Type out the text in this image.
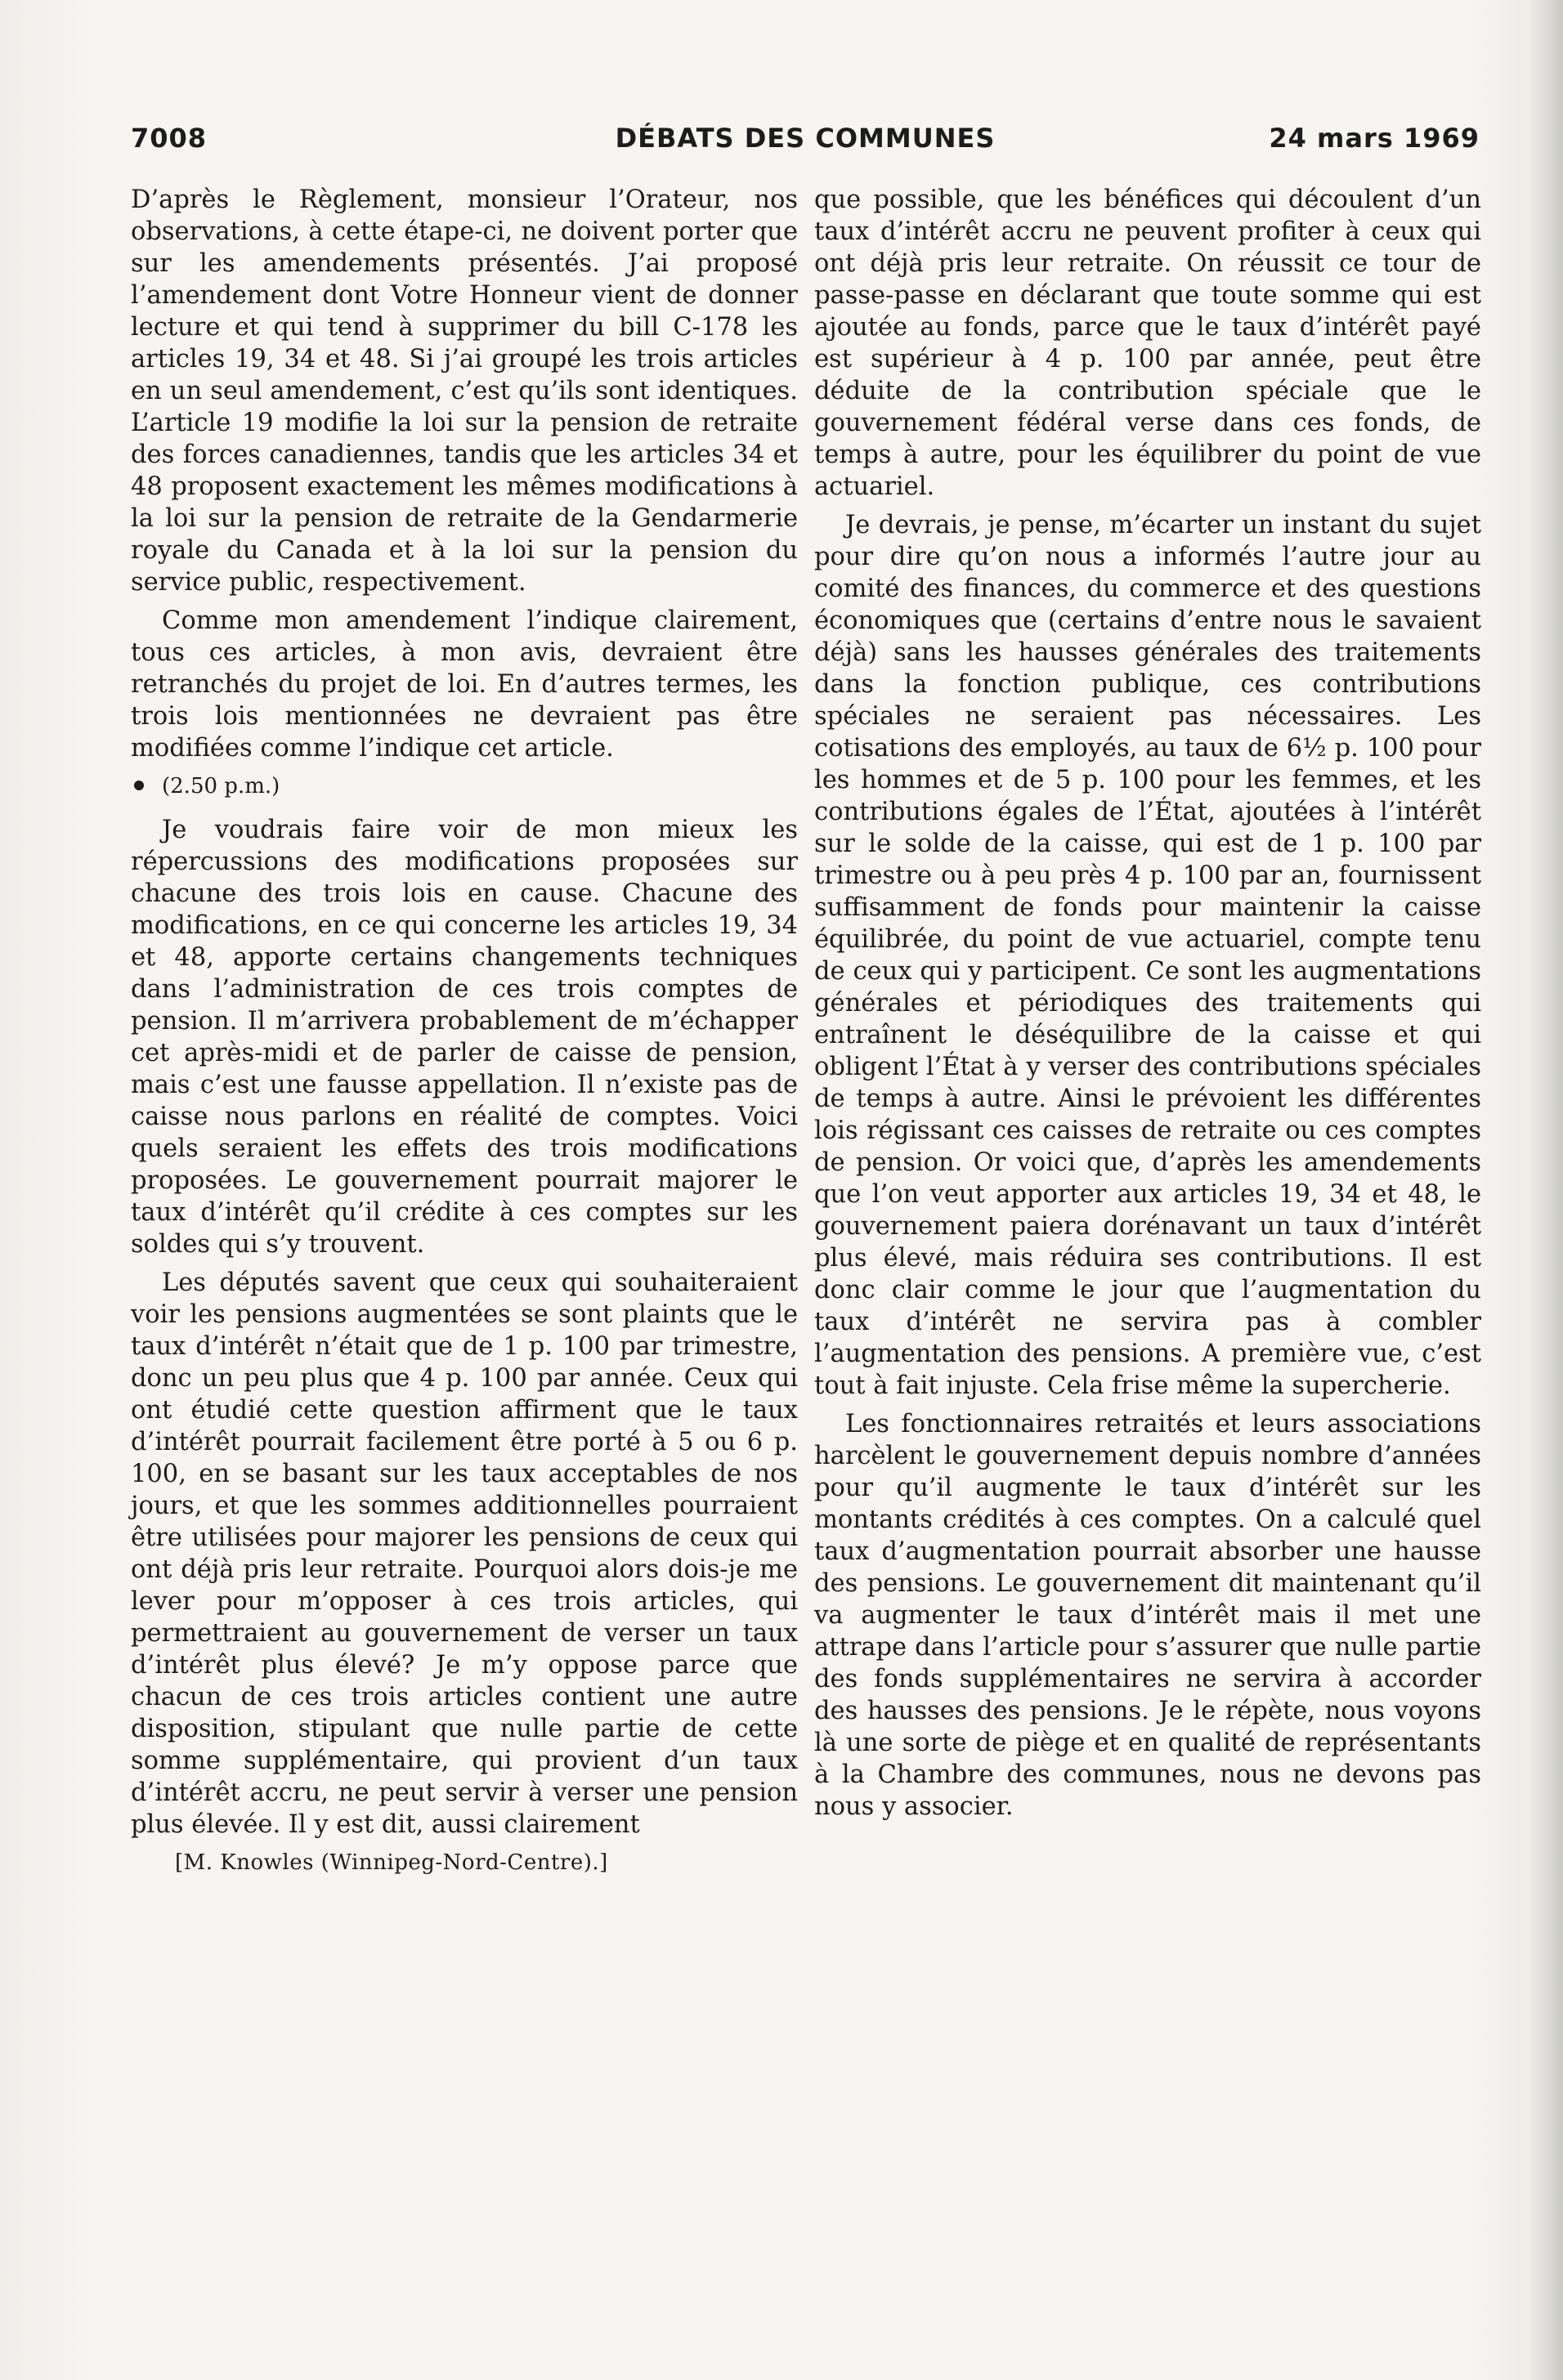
7008	DÉBATS DES COMMUNES	24 mars 1969

D’après le Règlement, monsieur l’Orateur, nos observations, à cette étape-ci, ne doivent porter que sur les amendements présentés. J’ai proposé l’amendement dont Votre Honneur vient de donner lecture et qui tend à supprimer du bill C-178 les articles 19, 34 et 48. Si j’ai groupé les trois articles en un seul amendement, c’est qu’ils sont identiques. L’article 19 modifie la loi sur la pension de retraite des forces canadiennes, tandis que les articles 34 et 48 proposent exactement les mêmes modifications à la loi sur la pension de retraite de la Gendarmerie royale du Canada et à la loi sur la pension du service public, respectivement.

Comme mon amendement l’indique clairement, tous ces articles, à mon avis, devraient être retranchés du projet de loi. En d’autres termes, les trois lois mentionnées ne devraient pas être modifiées comme l’indique cet article.

(2.50 p.m.)

Je voudrais faire voir de mon mieux les répercussions des modifications proposées sur chacune des trois lois en cause. Chacune des modifications, en ce qui concerne les articles 19, 34 et 48, apporte certains changements techniques dans l’administration de ces trois comptes de pension. Il m’arrivera probablement de m’échapper cet après-midi et de parler de caisse de pension, mais c’est une fausse appellation. Il n’existe pas de caisse nous parlons en réalité de comptes. Voici quels seraient les effets des trois modifications proposées. Le gouvernement pourrait majorer le taux d’intérêt qu’il crédite à ces comptes sur les soldes qui s’y trouvent.

Les députés savent que ceux qui souhaiteraient voir les pensions augmentées se sont plaints que le taux d’intérêt n’était que de 1 p. 100 par trimestre, donc un peu plus que 4 p. 100 par année. Ceux qui ont étudié cette question affirment que le taux d’intérêt pourrait facilement être porté à 5 ou 6 p. 100, en se basant sur les taux acceptables de nos jours, et que les sommes additionnelles pourraient être utilisées pour majorer les pensions de ceux qui ont déjà pris leur retraite. Pourquoi alors dois-je me lever pour m’opposer à ces trois articles, qui permettraient au gouvernement de verser un taux d’intérêt plus élevé? Je m’y oppose parce que chacun de ces trois articles contient une autre disposition, stipulant que nulle partie de cette somme supplémentaire, qui provient d’un taux d’intérêt accru, ne peut servir à verser une pension plus élevée. Il y est dit, aussi clairement

[M. Knowles (Winnipeg-Nord-Centre).]

que possible, que les bénéfices qui découlent d’un taux d’intérêt accru ne peuvent profiter à ceux qui ont déjà pris leur retraite. On réussit ce tour de passe-passe en déclarant que toute somme qui est ajoutée au fonds, parce que le taux d’intérêt payé est supérieur à 4 p. 100 par année, peut être déduite de la contribution spéciale que le gouvernement fédéral verse dans ces fonds, de temps à autre, pour les équilibrer du point de vue actuariel.

Je devrais, je pense, m’écarter un instant du sujet pour dire qu’on nous a informés l’autre jour au comité des finances, du commerce et des questions économiques que (certains d’entre nous le savaient déjà) sans les hausses générales des traitements dans la fonction publique, ces contributions spéciales ne seraient pas nécessaires. Les cotisations des employés, au taux de 6½ p. 100 pour les hommes et de 5 p. 100 pour les femmes, et les contributions égales de l’État, ajoutées à l’intérêt sur le solde de la caisse, qui est de 1 p. 100 par trimestre ou à peu près 4 p. 100 par an, fournissent suffisamment de fonds pour maintenir la caisse équilibrée, du point de vue actuariel, compte tenu de ceux qui y participent. Ce sont les augmentations générales et périodiques des traitements qui entraînent le déséquilibre de la caisse et qui obligent l’État à y verser des contributions spéciales de temps à autre. Ainsi le prévoient les différentes lois régissant ces caisses de retraite ou ces comptes de pension. Or voici que, d’après les amendements que l’on veut apporter aux articles 19, 34 et 48, le gouvernement paiera dorénavant un taux d’intérêt plus élevé, mais réduira ses contributions. Il est donc clair comme le jour que l’augmentation du taux d’intérêt ne servira pas à combler l’augmentation des pensions. A première vue, c’est tout à fait injuste. Cela frise même la supercherie.

Les fonctionnaires retraités et leurs associations harcèlent le gouvernement depuis nombre d’années pour qu’il augmente le taux d’intérêt sur les montants crédités à ces comptes. On a calculé quel taux d’augmentation pourrait absorber une hausse des pensions. Le gouvernement dit maintenant qu’il va augmenter le taux d’intérêt mais il met une attrape dans l’article pour s’assurer que nulle partie des fonds supplémentaires ne servira à accorder des hausses des pensions. Je le répète, nous voyons là une sorte de piège et en qualité de représentants à la Chambre des communes, nous ne devons pas nous y associer.
